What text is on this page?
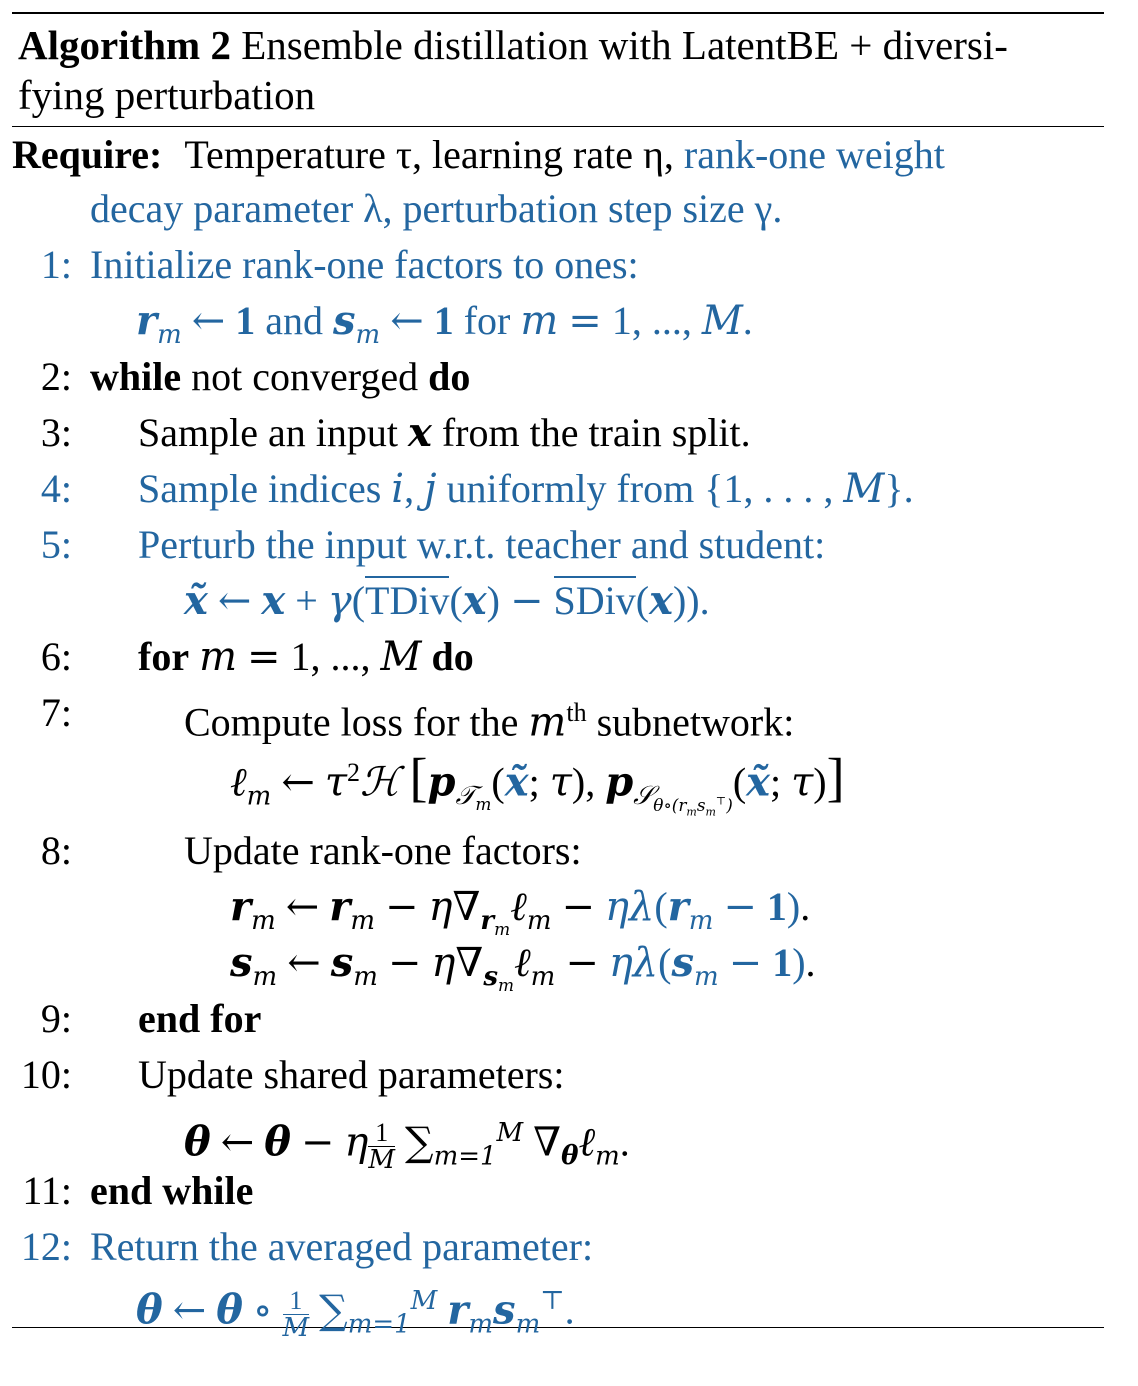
Algorithm 2 Ensemble distillation with LatentBE + diversi-
fying perturbation
Require: Temperature τ, learning rate η, rank-one weight
decay parameter λ, perturbation step size γ.
1: Initialize rank-one factors to ones:
$r_m$ ← 1 and $s_m$ ← 1 for m = 1, ..., M.
2: while not converged do
3: Sample an input x from the train split.
4: Sample indices i, j uniformly from {1, . . . , M}.
5: Perturb the input w.r.t. teacher and student:
x̃ ← x + γ(TDiv(x) − SDiv(x)).
6: for m = 1, ..., M do
7:	Compute loss for the $m^{th}$ subnetwork:
ℓ$_m$ ← $\tau^2ℋ$ [$p_{𝒯_m}(x̃$; τ), $p_{𝒮_{\theta\circ(r_ms_m^⊤)}}(x̃$; τ)]
8:	Update rank-one factors:
$r_m$ ← $r_m$ − $\eta\nabla_{r_m}\ell_m - \eta\lambda(r_m - 1)$.
$s_m$ ← $s_m$ − $\eta\nabla_{s_m}\ell_m - \eta\lambda(s_m - 1)$.
9: end for
10: Update shared parameters:
θ ← θ − η $\frac{1}{M} \sum_{m=1}^M$ $\nabla_\theta\ell_m$.
11: end while
12: Return the averaged parameter:
θ ← θ ∘ $\frac{1}{M} \sum_{m=1}^M$ $r_ms_m^⊤$.
